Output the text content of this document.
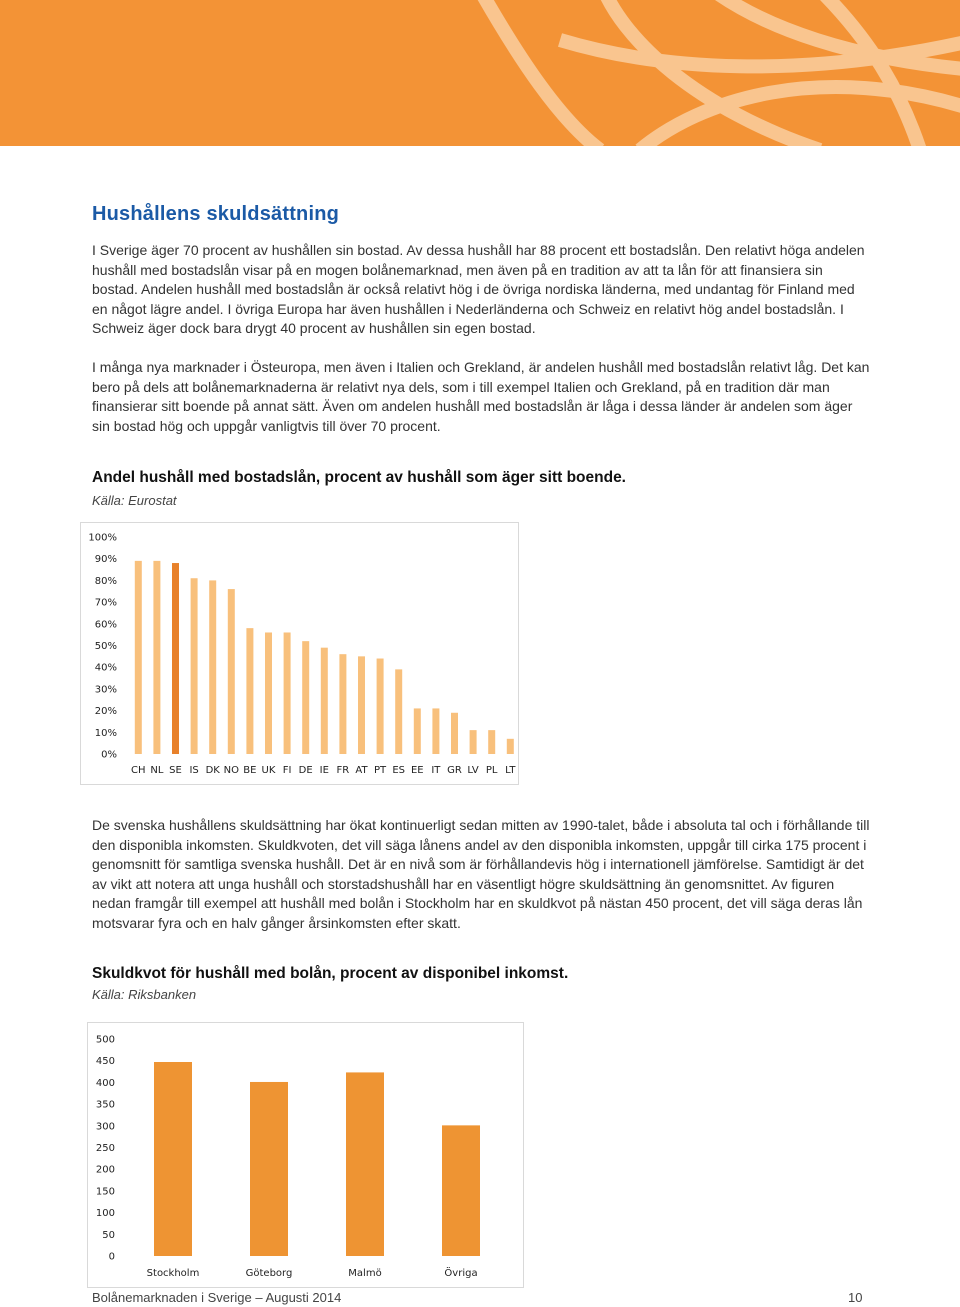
Hushållens skuldsättning

I Sverige äger 70 procent av hushållen sin bostad. Av dessa hushåll har 88 procent ett bostadslån. Den relativt höga andelen hushåll med bostadslån visar på en mogen bolånemarknad, men även på en tradition av att ta lån för att finansiera sin bostad. Andelen hushåll med bostadslån är också relativt hög i de övriga nordiska länderna, med undantag för Finland med en något lägre andel. I övriga Europa har även hushållen i Nederländerna och Schweiz en relativt hög andel bostadslån. I Schweiz äger dock bara drygt 40 procent av hushållen sin egen bostad.

I många nya marknader i Östeuropa, men även i Italien och Grekland, är andelen hushåll med bostadslån relativt låg. Det kan bero på dels att bolånemarknaderna är relativt nya dels, som i till exempel Italien och Grekland, på en tradition där man finansierar sitt boende på annat sätt. Även om andelen hushåll med bostadslån är låga i dessa länder är andelen som äger sin bostad hög och uppgår vanligtvis till över 70 procent.

Andel hushåll med bostadslån, procent av hushåll som äger sitt boende.

Källa: Eurostat

De svenska hushållens skuldsättning har ökat kontinuerligt sedan mitten av 1990-talet, både i absoluta tal och i förhållande till den disponibla inkomsten. Skuldkvoten, det vill säga lånens andel av den disponibla inkomsten, uppgår till cirka 175 procent i genomsnitt för samtliga svenska hushåll. Det är en nivå som är förhållandevis hög i internationell jämförelse. Samtidigt är det av vikt att notera att unga hushåll och storstadshushåll har en väsentligt högre skuldsättning än genomsnittet. Av figuren nedan framgår till exempel att hushåll med bolån i Stockholm har en skuldkvot på nästan 450 procent, det vill säga deras lån motsvarar fyra och en halv gånger årsinkomsten efter skatt.

Skuldkvot för hushåll med bolån, procent av disponibel inkomst.

Källa: Riksbanken

0%
10%
20%
30%
40%
50%
60%
70%
80%
90%
100%
CH NL SE IS DK NO BE UK FI DE IE FR AT PT ES EE IT GR LV PL LT
0
50
100
150
200
250
300
350
400
450
500
Stockholm	Göteborg	Malmö	Övriga
Bolånemarknaden i Sverige – Augusti 2014	10
